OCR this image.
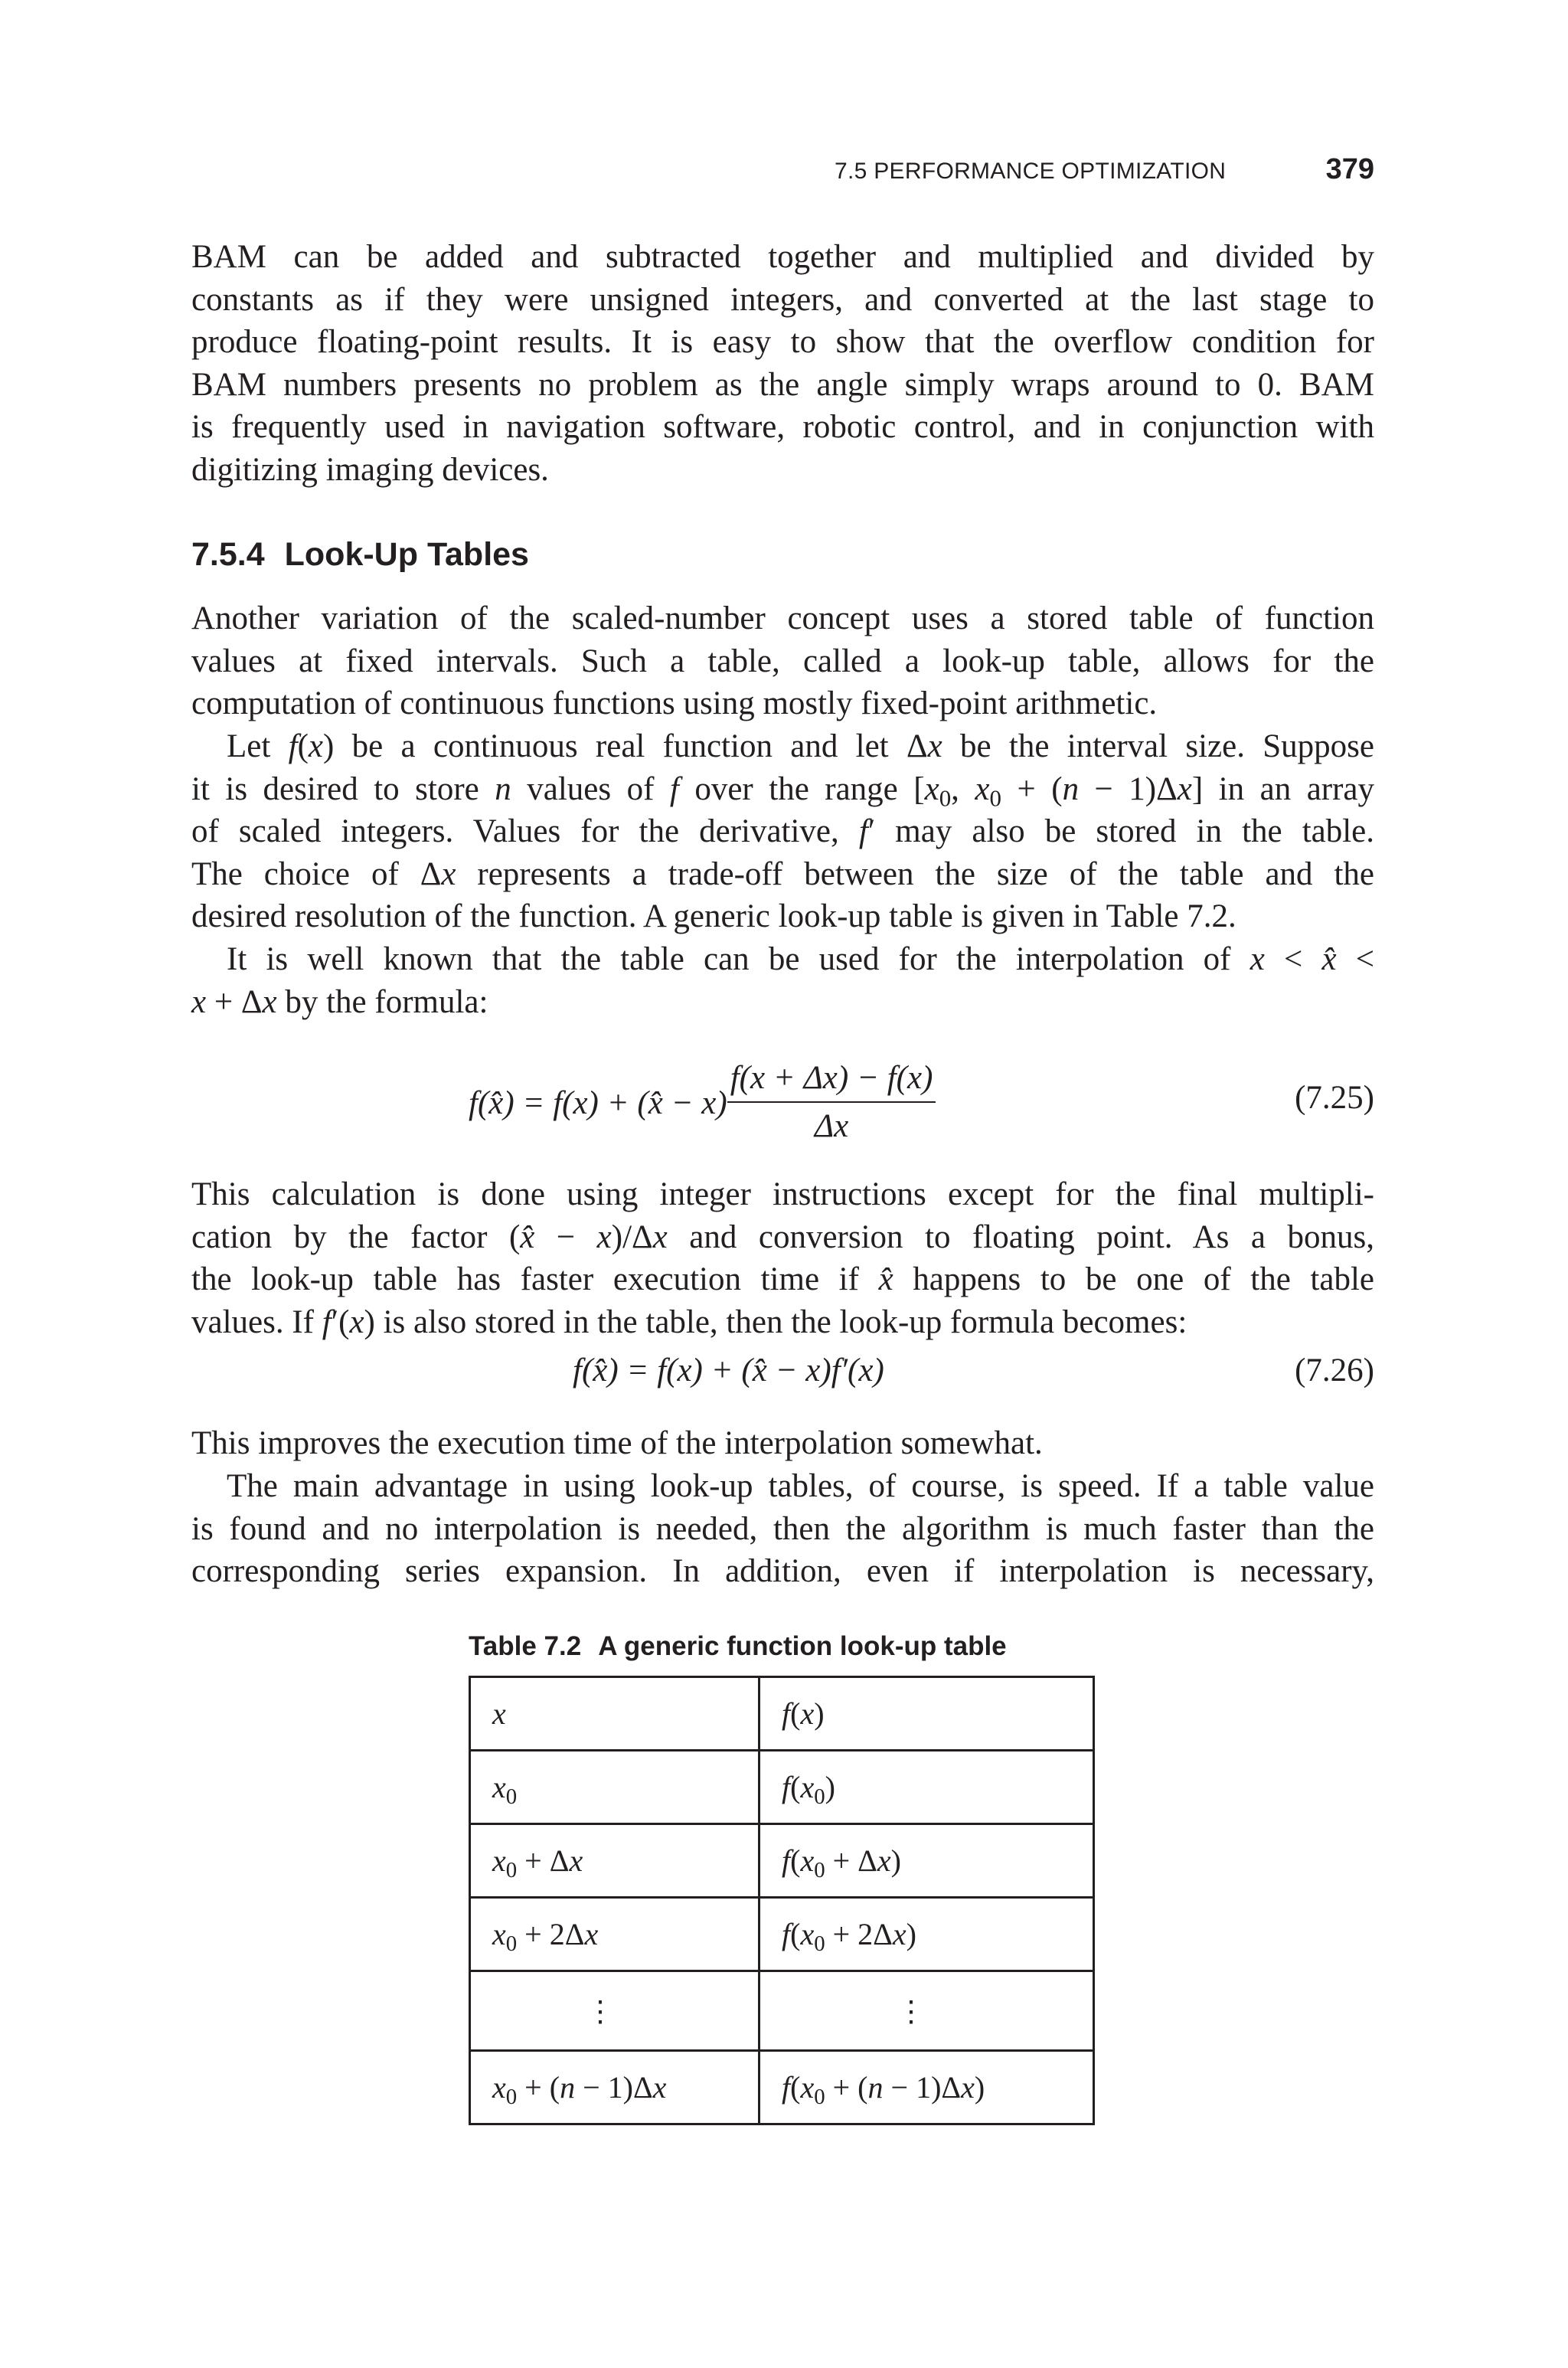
7.5 PERFORMANCE OPTIMIZATION	379

BAM can be added and subtracted together and multiplied and divided by
constants as if they were unsigned integers, and converted at the last stage to
produce floating-point results. It is easy to show that the overflow condition for
BAM numbers presents no problem as the angle simply wraps around to 0. BAM
is frequently used in navigation software, robotic control, and in conjunction with

digitizing imaging devices.

7.5.4 Look-Up Tables

Another variation of the scaled-number concept uses a stored table of function
values at fixed intervals. Such a table, called a look-up table, allows for the

computation of continuous functions using mostly fixed-point arithmetic.

Let f(x) be a continuous real function and let Δx be the interval size. Suppose
it is desired to store n values of f over the range [$x_0$, $x_0 + (n - 1)\Delta x$] in an array
of scaled integers. Values for the derivative, f′ may also be stored in the table.
The choice of Δx represents a trade-off between the size of the table and the

desired resolution of the function. A generic look-up table is given in Table 7.2.

It is well known that the table can be used for the interpolation of x < x̂ <

x + Δx by the formula:

f(x̂) = f(x) + (x̂ − $x) \frac{f(x + \Delta x) - f(x)}{\Delta x}$	(7.25)

This calculation is done using integer instructions except for the final multipli-
cation by the factor (x̂ − x)/Δx and conversion to floating point. As a bonus,
the look-up table has faster execution time if x̂ happens to be one of the table

values. If f′(x) is also stored in the table, then the look-up formula becomes:

f(x̂) = f(x) + (x̂ − x)f′(x)	(7.26)

This improves the execution time of the interpolation somewhat.

The main advantage in using look-up tables, of course, is speed. If a table value
is found and no interpolation is needed, then the algorithm is much faster than the
corresponding series expansion. In addition, even if interpolation is necessary,

Table 7.2 A generic function look-up table
x	f(x)
$x_0$	$f(x_0)$
$x_0 + \Delta x$	$f(x_0 + \Delta x)$
$x_0 + 2\Delta x$	$f(x_0 + 2\Delta x)$
⋮	⋮
$x_0 + (n - 1)\Delta x$	$f(x_0 + (n - 1)\Delta x)$
